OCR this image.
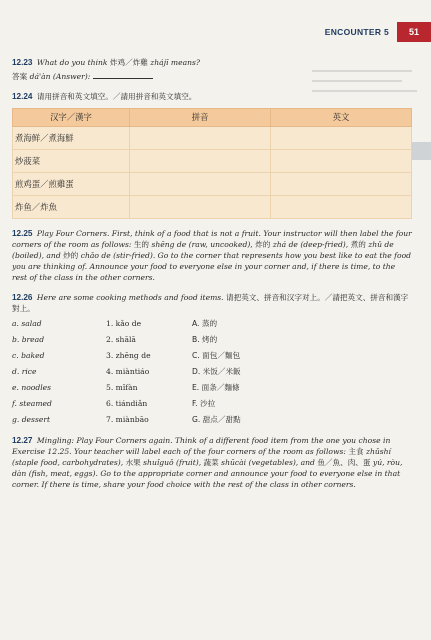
ENCOUNTER 5	51

12.23 What do you think 炸鸡／炸雞 zhájī means?

答案 dá'àn (Answer):

12.24 请用拼音和英文填空。／請用拼音和英文填空。

汉字／漢字	拼音	英文
煮海鲜／煮海鮮		
炒菠菜		
煎鸡蛋／煎雞蛋		
炸鱼／炸魚		

12.25 Play Four Corners. First, think of a food that is not a fruit. Your instructor will then label the four corners of the room as follows: 生的 shēng de (raw, uncooked), 炸的 zhá de (deep-fried), 煮的 zhǔ de (boiled), and 炒的 chǎo de (stir-fried). Go to the corner that represents how you best like to eat the food you are thinking of. Announce your food to everyone else in your corner and, if there is time, to the rest of the class in the other corners.

12.26 Here are some cooking methods and food items. 请把英文、拼音和汉字对上。／請把英文、拼音和漢字對上。

a. salad	1. kǎo de	A. 蒸的
b. bread	2. shālā	B. 烤的
c. baked	3. zhēng de	C. 面包／麵包
d. rice	4. miàntiáo	D. 米饭／米飯
e. noodles	5. mǐfàn	E. 面条／麵條
f. steamed	6. tiándiǎn	F. 沙拉
g. dessert	7. miànbāo	G. 甜点／甜點

12.27 Mingling: Play Four Corners again. Think of a different food item from the one you chose in Exercise 12.25. Your teacher will label each of the four corners of the room as follows: 主食 zhǔshí (staple food, carbohydrates), 水果 shuǐguǒ (fruit), 蔬菜 shūcài (vegetables), and 鱼／魚、肉、蛋 yú, ròu, dàn (fish, meat, eggs). Go to the appropriate corner and announce your food to everyone else in that corner. If there is time, share your food choice with the rest of the class in other corners.
